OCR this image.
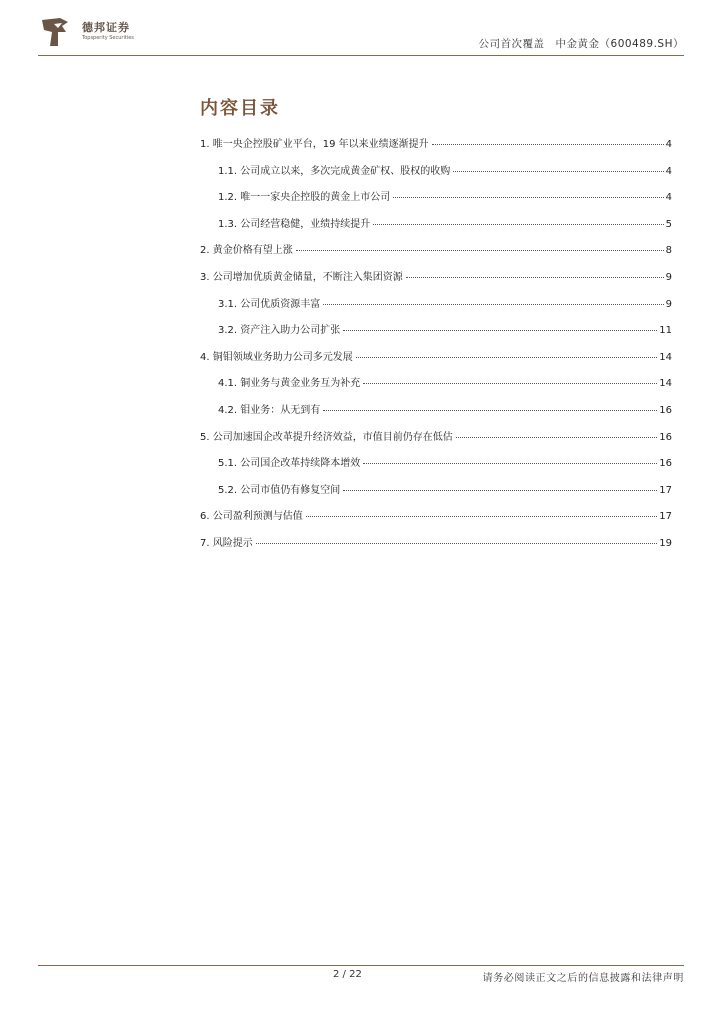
德邦证券
Topsperity Securities	公司首次覆盖　中金黄金（600489.SH）
内容目录
1. 唯一央企控股矿业平台，19 年以来业绩逐渐提升	4
1.1. 公司成立以来，多次完成黄金矿权、股权的收购	4
1.2. 唯一一家央企控股的黄金上市公司	4
1.3. 公司经营稳健，业绩持续提升	5
2. 黄金价格有望上涨	8
3. 公司增加优质黄金储量，不断注入集团资源	9
3.1. 公司优质资源丰富	9
3.2. 资产注入助力公司扩张	11
4. 铜钼领域业务助力公司多元发展	14
4.1. 铜业务与黄金业务互为补充	14
4.2. 钼业务：从无到有	16
5. 公司加速国企改革提升经济效益，市值目前仍存在低估	16
5.1. 公司国企改革持续降本增效	16
5.2. 公司市值仍有修复空间	17
6. 公司盈利预测与估值	17
7. 风险提示	19
2 / 22	请务必阅读正文之后的信息披露和法律声明
